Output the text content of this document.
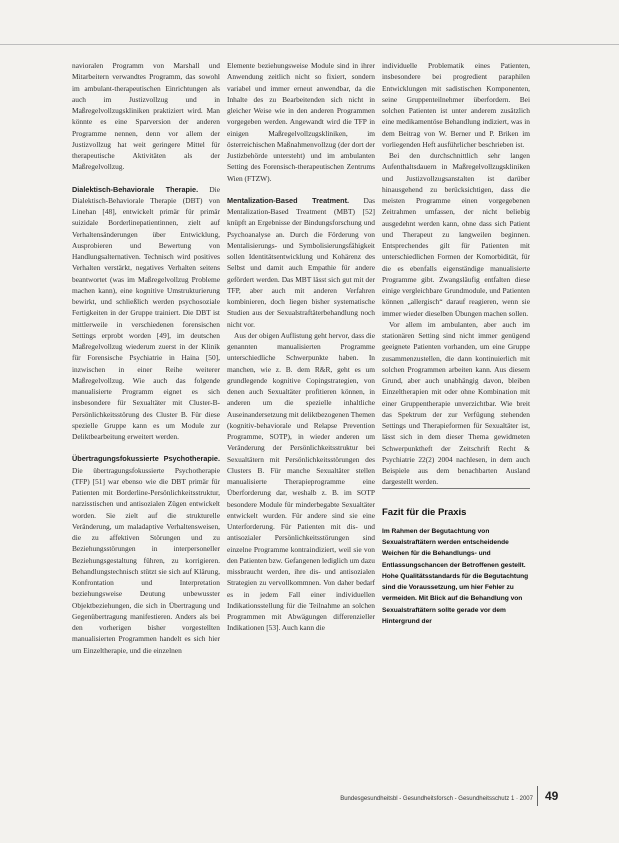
navioralen Programm von Marshall und Mitarbeitern verwandtes Programm, das sowohl im ambulant-therapeutischen Einrichtungen als auch im Justizvollzug und in Maßregelvollzugskliniken praktiziert wird. Man könnte es eine Sparversion der anderen Programme nennen, denn vor allem der Justizvollzug hat weit geringere Mittel für therapeutische Aktivitäten als der Maßregelvollzug.

Dialektisch-Behaviorale Therapie. Die Dialektisch-Behaviorale Therapie (DBT) von Linehan [48], entwickelt primär für primär suizidale Borderlinepatientinnen, zielt auf Verhaltensänderungen über Entwicklung, Ausprobieren und Bewertung von Handlungsalternativen. Technisch wird positives Verhalten verstärkt, negatives Verhalten seitens beantwortet (was im Maßregelvollzug Probleme machen kann), eine kognitive Umstrukturierung bewirkt, und schließlich werden psychosoziale Fertigkeiten in der Gruppe trainiert. Die DBT ist mittlerweile in verschiedenen forensischen Settings erprobt worden [49], im deutschen Maßregelvollzug wiederum zuerst in der Klinik für Forensische Psychiatrie in Haina [50], inzwischen in einer Reihe weiterer Maßregelvollzug. Wie auch das folgende manualisierte Programm eignet es sich insbesondere für Sexualtäter mit Cluster-B-Persönlichkeitsstörung des Cluster B. Für diese spezielle Gruppe kann es um Module zur Deliktbearbeitung erweitert werden.

Übertragungsfokussierte Psychotherapie. Die übertragungsfokussierte Psychotherapie (TFP) [51] war ebenso wie die DBT primär für Patienten mit Borderline-Persönlichkeitsstruktur, narzisstischen und antisozialen Zügen entwickelt worden. Sie zielt auf die strukturelle Veränderung, um maladaptive Verhaltensweisen, die zu affektiven Störungen und zu Beziehungsstörungen in interpersoneller Beziehungsgestaltung führen, zu korrigieren. Behandlungstechnisch stützt sie sich auf Klärung, Konfrontation und Interpretation beziehungsweise Deutung unbewusster Objektbeziehungen, die sich in Übertragung und Gegenübertragung manifestieren. Anders als bei den vorherigen bisher vorgestellten manualisierten Programmen handelt es sich hier um Einzeltherapie, und die einzelnen

Elemente beziehungsweise Module sind in ihrer Anwendung zeitlich nicht so fixiert, sondern variabel und immer erneut anwendbar, da die Inhalte des zu Bearbeitenden sich nicht in gleicher Weise wie in den anderen Programmen vorgegeben werden. Angewandt wird die TFP in einigen Maßregelvollzugskliniken, im österreichischen Maßnahmenvollzug (der dort der Justizbehörde untersteht) und im ambulanten Setting des Forensisch-therapeutischen Zentrums Wien (FTZW).

Mentalization-Based Treatment. Das Mentalization-Based Treatment (MBT) [52] knüpft an Ergebnisse der Bindungsforschung und Psychoanalyse an. Durch die Förderung von Mentalisierungs- und Symbolisierungsfähigkeit sollen Identitätsentwicklung und Kohärenz des Selbst und damit auch Empathie für andere gefördert werden. Das MBT lässt sich gut mit der TFP, aber auch mit anderen Verfahren kombinieren, doch liegen bisher systematische Studien aus der Sexualstraftäterbehandlung noch nicht vor.

Aus der obigen Auflistung geht hervor, dass die genannten manualisierten Programme unterschiedliche Schwerpunkte haben. In manchen, wie z. B. dem R&R, geht es um grundlegende kognitive Copingstrategien, von denen auch Sexualtäter profitieren können, in anderen um die spezielle inhaltliche Auseinandersetzung mit deliktbezogenen Themen (kognitiv-behaviorale und Relapse Prevention Programme, SOTP), in wieder anderen um Veränderung der Persönlichkeitsstruktur bei Sexualtätern mit Persönlichkeitsstörungen des Clusters B. Für manche Sexualtäter stellen manualisierte Therapieprogramme eine Überforderung dar, weshalb z. B. im SOTP besondere Module für minderbegabte Sexualtäter entwickelt wurden. Für andere sind sie eine Unterforderung. Für Patienten mit dis- und antisozialer Persönlichkeitsstörungen sind einzelne Programme kontraindiziert, weil sie von den Patienten bzw. Gefangenen lediglich um dazu missbraucht werden, ihre dis- und antisozialen Strategien zu vervollkommnen. Von daher bedarf es in jedem Fall einer individuellen Indikationsstellung für die Teilnahme an solchen Programmen mit Abwägungen differenzieller Indikationen [53]. Auch kann die

individuelle Problematik eines Patienten, insbesondere bei progredient paraphilen Entwicklungen mit sadistischen Komponenten, seine Gruppenteilnehmer überfordern. Bei solchen Patienten ist unter anderem zusätzlich eine medikamentöse Behandlung indiziert, was in dem Beitrag von W. Berner und P. Briken im vorliegenden Heft ausführlicher beschrieben ist.

Bei den durchschnittlich sehr langen Aufenthaltsdauern in Maßregelvollzugskliniken und Justizvollzugsanstalten ist darüber hinausgehend zu berücksichtigen, dass die meisten Programme einen vorgegebenen Zeitrahmen umfassen, der nicht beliebig ausgedehnt werden kann, ohne dass sich Patient und Therapeut zu langweilen beginnen. Entsprechendes gilt für Patienten mit unterschiedlichen Formen der Komorbidität, für die es ebenfalls eigenständige manualisierte Programme gibt. Zwangsläufig entfalten diese einige vergleichbare Grundmodule, und Patienten können „allergisch“ darauf reagieren, wenn sie immer wieder dieselben Übungen machen sollen.

Vor allem im ambulanten, aber auch im stationären Setting sind nicht immer genügend geeignete Patienten vorhanden, um eine Gruppe zusammenzustellen, die dann kontinuierlich mit solchen Programmen arbeiten kann. Aus diesem Grund, aber auch unabhängig davon, bleiben Einzeltherapien mit oder ohne Kombination mit einer Gruppentherapie unverzichtbar. Wie breit das Spektrum der zur Verfügung stehenden Settings und Therapieformen für Sexualtäter ist, lässt sich in dem dieser Thema gewidmeten Schwerpunktheft der Zeitschrift Recht & Psychiatrie 22(2) 2004 nachlesen, in dem auch Beispiele aus dem benachbarten Ausland dargestellt werden.

Fazit für die Praxis
Im Rahmen der Begutachtung von Sexualstraftätern werden entscheidende Weichen für die Behandlungs- und Entlassungschancen der Betroffenen gestellt. Hohe Qualitätsstandards für die Begutachtung sind die Voraussetzung, um hier Fehler zu vermeiden. Mit Blick auf die Behandlung von Sexualstraftätern sollte gerade vor dem Hintergrund der
Bundesgesundheitsbl - Gesundheitsforsch - Gesundheitsschutz 1 · 2007 49
